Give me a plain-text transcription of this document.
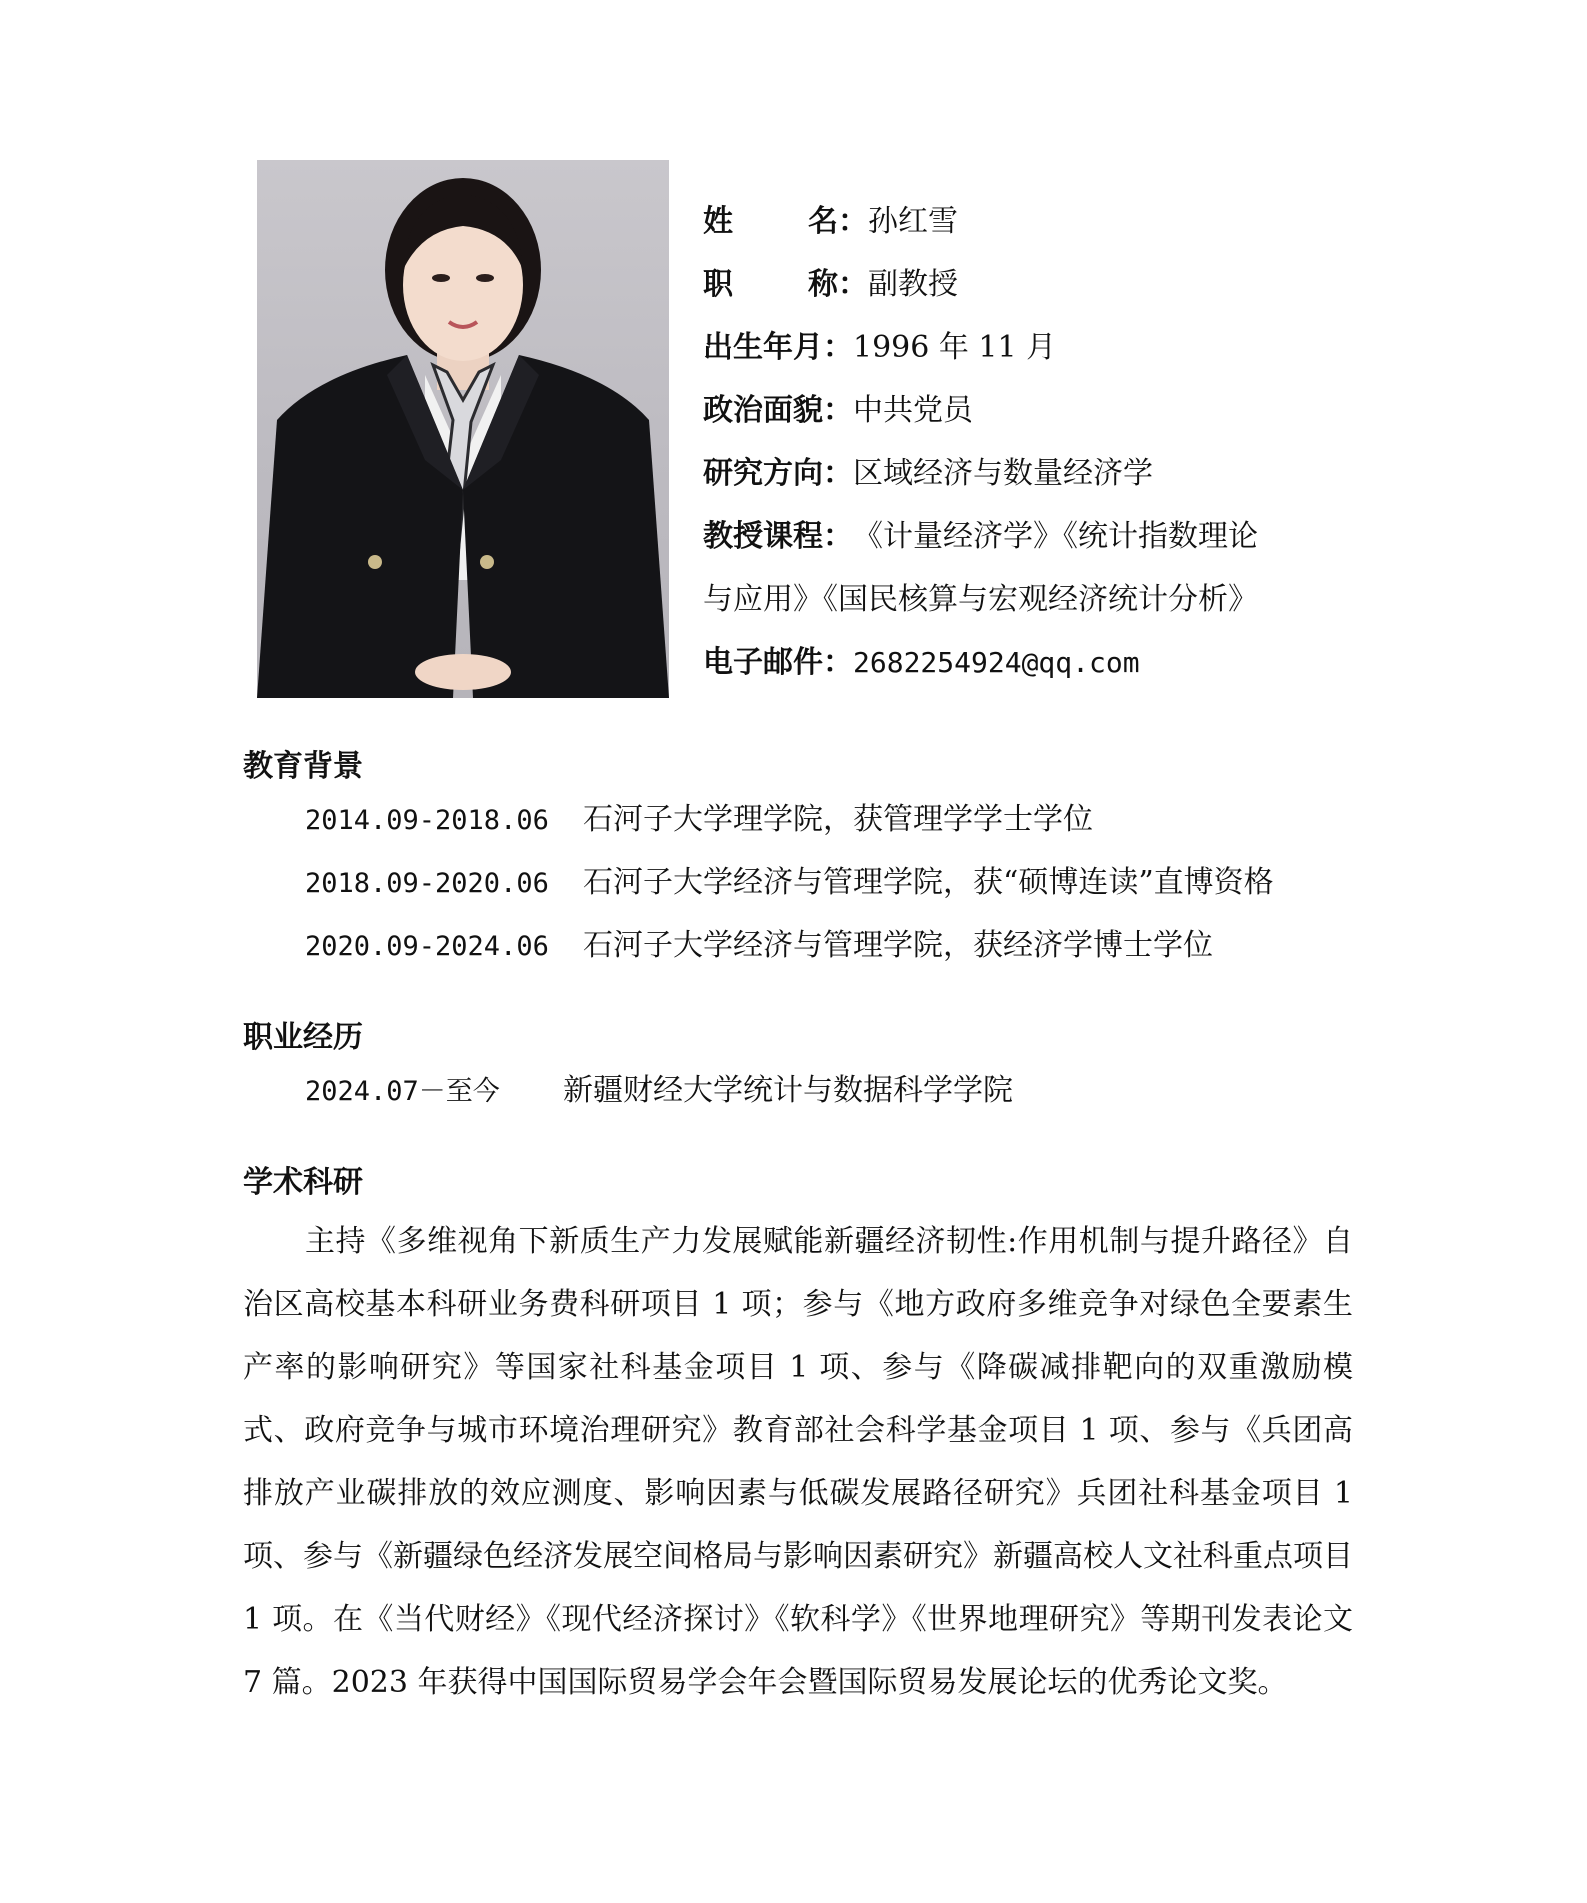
姓	名： 孙红雪
职	称： 副教授
出生年月： 1996 年 11 月
政治面貌： 中共党员
研究方向： 区域经济与数量经济学
教授课程： 《计量经济学》《统计指数理论
与应用》《国民核算与宏观经济统计分析》
电子邮件： 2682254924@qq.com
教育背景
2014.09-2018.06 石河子大学理学院，获管理学学士学位
2018.09-2020.06 石河子大学经济与管理学院，获“硕博连读”直博资格
2020.09-2024.06 石河子大学经济与管理学院，获经济学博士学位
职业经历
2024.07－至今 新疆财经大学统计与数据科学学院
学术科研

主持《多维视角下新质生产力发展赋能新疆经济韧性:作用机制与提升路径》自治区高校基本科研业务费科研项目 1 项；参与《地方政府多维竞争对绿色全要素生产率的影响研究》等国家社科基金项目 1 项、参与《降碳减排靶向的双重激励模式、政府竞争与城市环境治理研究》教育部社会科学基金项目 1 项、参与《兵团高排放产业碳排放的效应测度、影响因素与低碳发展路径研究》兵团社科基金项目 1 项、参与《新疆绿色经济发展空间格局与影响因素研究》新疆高校人文社科重点项目 1 项。在《当代财经》《现代经济探讨》《软科学》《世界地理研究》等期刊发表论文 7 篇。2023 年获得中国国际贸易学会年会暨国际贸易发展论坛的优秀论文奖。
